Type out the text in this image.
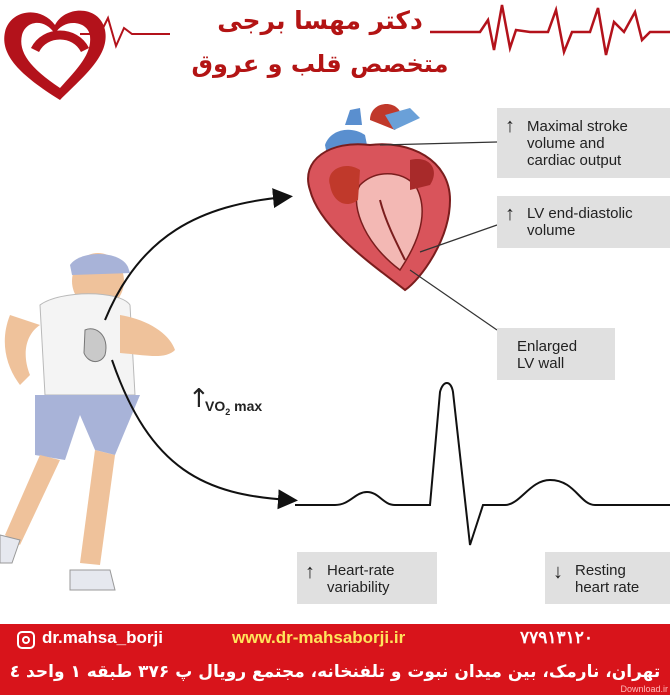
دکتر مهسا برجی
متخصص قلب و عروق
↑ Maximal stroke
volume and
cardiac output
↑ LV end-diastolic
volume
Enlarged
LV wall
↑
$VO_2$ max
↑ Heart-rate
variability
↓ Resting
heart rate
dr.mahsa_borji	www.dr-mahsaborji.ir	۷۷۹۱۳۱۲۰
تهران، نارمک، بین میدان نبوت و تلفنخانه، مجتمع رویال پ ۳۷۶ طبقه ۱ واحد ٤
Download.ir
